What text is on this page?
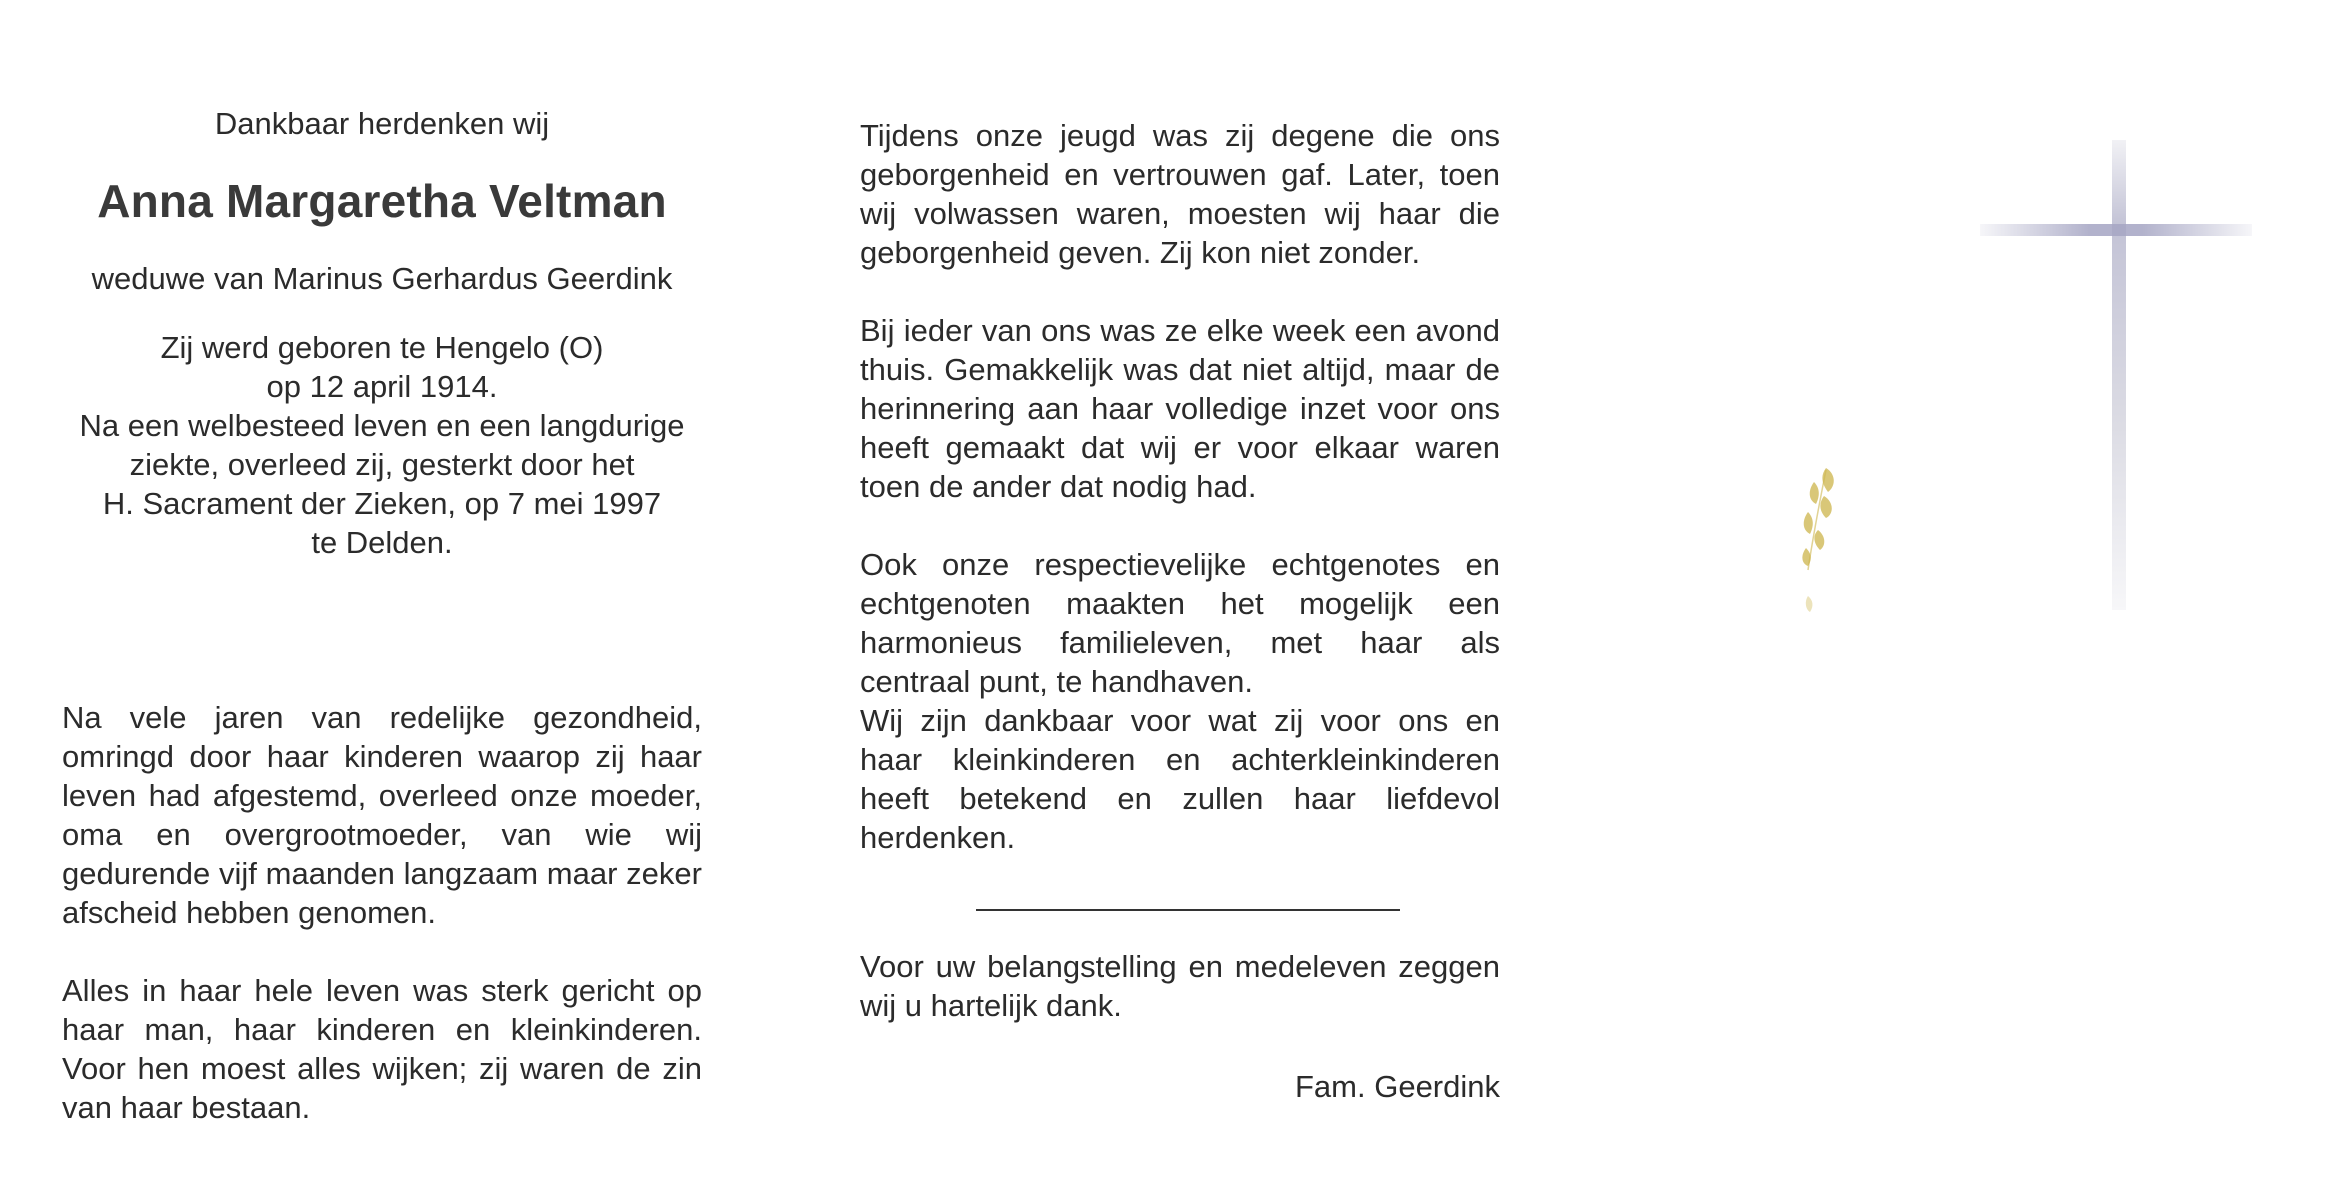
Dankbaar herdenken wij
Anna Margaretha Veltman
weduwe van Marinus Gerhardus Geerdink
Zij werd geboren te Hengelo (O)
op 12 april 1914.
Na een welbesteed leven en een langdurige
ziekte, overleed zij, gesterkt door het
H. Sacrament der Zieken, op 7 mei 1997
te Delden.

Na vele jaren van redelijke gezondheid, omringd door haar kinderen waarop zij haar leven had afgestemd, overleed onze moeder, oma en overgrootmoeder, van wie wij gedurende vijf maanden langzaam maar zeker afscheid hebben genomen.

Alles in haar hele leven was sterk gericht op haar man, haar kinderen en kleinkinderen. Voor hen moest alles wijken; zij waren de zin van haar bestaan.

Tijdens onze jeugd was zij degene die ons geborgenheid en vertrouwen gaf. Later, toen wij volwassen waren, moesten wij haar die geborgenheid geven. Zij kon niet zonder.

Bij ieder van ons was ze elke week een avond thuis. Gemakkelijk was dat niet altijd, maar de herinnering aan haar volledige inzet voor ons heeft gemaakt dat wij er voor elkaar waren toen de ander dat nodig had.

Ook onze respectievelijke echtgenotes en echtgenoten maakten het mogelijk een harmonieus familieleven, met haar als centraal punt, te handhaven.

Wij zijn dankbaar voor wat zij voor ons en haar kleinkinderen en achterkleinkinderen heeft betekend en zullen haar liefdevol herdenken.

Voor uw belangstelling en medeleven zeggen wij u hartelijk dank.

Fam. Geerdink
